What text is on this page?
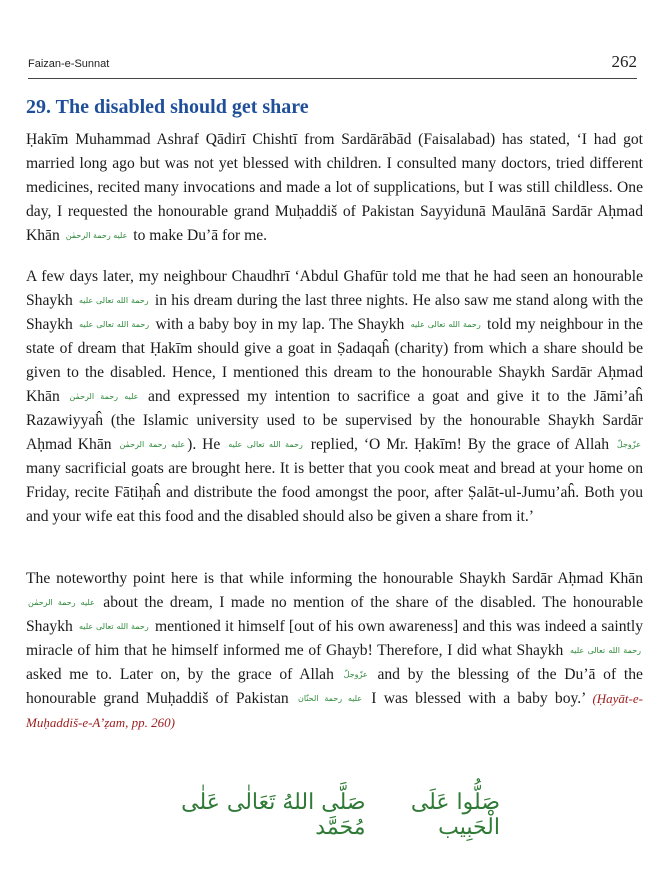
Faizan-e-Sunnat	262
29. The disabled should get share

Ḥakīm Muhammad Ashraf Qādirī Chishtī from Sardārābād (Faisalabad) has stated, ‘I had got married long ago but was not yet blessed with children. I consulted many doctors, tried different medicines, recited many invocations and made a lot of supplications, but I was still childless. One day, I requested the honourable grand Muḥaddiš of Pakistan Sayyidunā Maulānā Sardār Aḥmad Khān عليه رحمة الرحمٰن to make Du’ā for me.

A few days later, my neighbour Chaudhrī ‘Abdul Ghafūr told me that he had seen an honourable Shaykh رحمة الله تعالى عليه in his dream during the last three nights. He also saw me stand along with the Shaykh رحمة الله تعالى عليه with a baby boy in my lap. The Shaykh رحمة الله تعالى عليه told my neighbour in the state of dream that Ḥakīm should give a goat in Ṣadaqaĥ (charity) from which a share should be given to the disabled. Hence, I mentioned this dream to the honourable Shaykh Sardār Aḥmad Khān عليه رحمة الرحمٰن and expressed my intention to sacrifice a goat and give it to the Jāmi’aĥ Razawiyyaĥ (the Islamic university used to be supervised by the honourable Shaykh Sardār Aḥmad Khān عليه رحمة الرحمٰن ). He رحمة الله تعالى عليه replied, ‘O Mr. Ḥakīm! By the grace of Allah عزّوجلّ many sacrificial goats are brought here. It is better that you cook meat and bread at your home on Friday, recite Fātiḥaĥ and distribute the food amongst the poor, after Ṣalāt-ul-Jumu’aĥ. Both you and your wife eat this food and the disabled should also be given a share from it.’

The noteworthy point here is that while informing the honourable Shaykh Sardār Aḥmad Khān عليه رحمة الرحمٰن about the dream, I made no mention of the share of the disabled. The honourable Shaykh رحمة الله تعالى عليه mentioned it himself [out of his own awareness] and this was indeed a saintly miracle of him that he himself informed me of Ghayb! Therefore, I did what Shaykh رحمة الله تعالى عليه asked me to. Later on, by the grace of Allah عزّوجلّ and by the blessing of the Du’ā of the honourable grand Muḥaddiš of Pakistan عليه رحمة الحنّان I was blessed with a baby boy.’ (Ḥayāt-e-Muḥaddiš-e-A’ẓam, pp. 260)

صَلَّى اللهُ تَعَالٰى عَلٰى مُحَمَّد
صَلُّوا عَلَى الْحَبِيب
